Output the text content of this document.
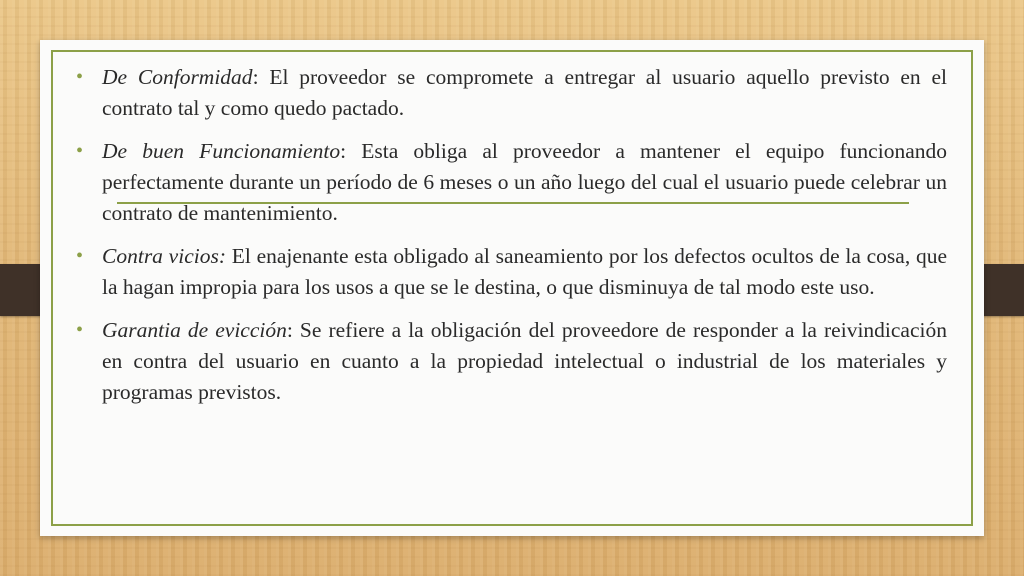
• De Conformidad: El proveedor se compromete a entregar al usuario aquello previsto en el contrato tal y como quedo pactado.
• De buen Funcionamiento: Esta obliga al proveedor a mantener el equipo funcionando perfectamente durante un período de 6 meses o un año luego del cual el usuario puede celebrar un contrato de mantenimiento.
• Contra vicios: El enajenante esta obligado al saneamiento por los defectos ocultos de la cosa, que la hagan impropia para los usos a que se le destina, o que disminuya de tal modo este uso.
• Garantia de evicción: Se refiere a la obligación del proveedore de responder a la reivindicación en contra del usuario en cuanto a la propiedad intelectual o industrial de los materiales y programas previstos.
